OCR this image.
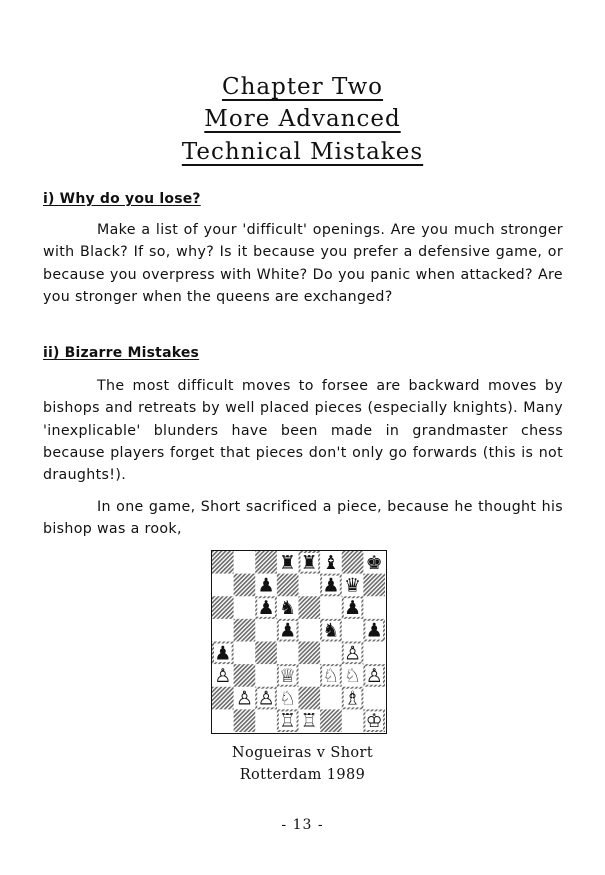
Chapter Two
More Advanced
Technical Mistakes
i) Why do you lose?
Make a list of your 'difficult' openings. Are you much stronger with Black? If so, why? Is it because you prefer a defensive game, or because you overpress with White? Do you panic when attacked? Are you stronger when the queens are exchanged?
ii) Bizarre Mistakes
The most difficult moves to forsee are backward moves by bishops and retreats by well placed pieces (especially knights). Many 'inexplicable' blunders have been made in grandmaster chess because players forget that pieces don't only go forwards (this is not draughts!).
In one game, Short sacrificed a piece, because he thought his bishop was a rook,
♜ ♜ ♝ ♚
♟	♟ ♛
♟ ♞	♟
♟ ♞ ♟
♟	♙
♙	♕ ♘ ♘ ♙
♙ ♙ ♘	♗
♖ ♖	♔
Nogueiras v Short
Rotterdam 1989
- 13 -
